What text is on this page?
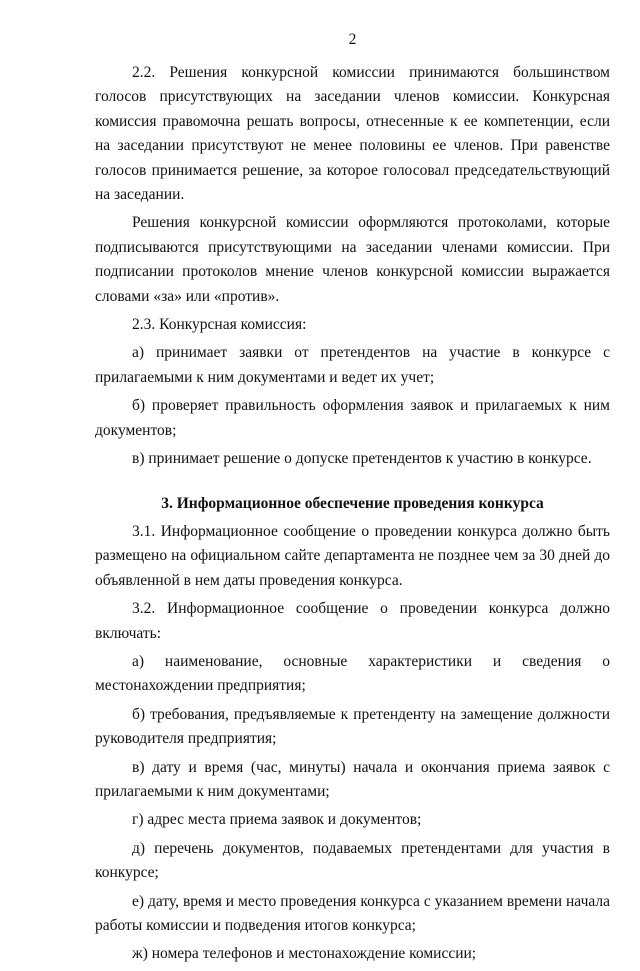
2

2.2. Решения конкурсной комиссии принимаются большинством голосов присутствующих на заседании членов комиссии. Конкурсная комиссия правомочна решать вопросы, отнесенные к ее компетенции, если на заседании присутствуют не менее половины ее членов. При равенстве голосов принимается решение, за которое голосовал председательствующий на заседании.

Решения конкурсной комиссии оформляются протоколами, которые подписываются присутствующими на заседании членами комиссии. При подписании протоколов мнение членов конкурсной комиссии выражается словами «за» или «против».

2.3. Конкурсная комиссия:

а) принимает заявки от претендентов на участие в конкурсе с прилагаемыми к ним документами и ведет их учет;

б) проверяет правильность оформления заявок и прилагаемых к ним документов;

в) принимает решение о допуске претендентов к участию в конкурсе.

3. Информационное обеспечение проведения конкурса

3.1. Информационное сообщение о проведении конкурса должно быть размещено на официальном сайте департамента не позднее чем за 30 дней до объявленной в нем даты проведения конкурса.

3.2. Информационное сообщение о проведении конкурса должно включать:

а) наименование, основные характеристики и сведения о местонахождении предприятия;

б) требования, предъявляемые к претенденту на замещение должности руководителя предприятия;

в) дату и время (час, минуты) начала и окончания приема заявок с прилагаемыми к ним документами;

г) адрес места приема заявок и документов;

д) перечень документов, подаваемых претендентами для участия в конкурсе;

е) дату, время и место проведения конкурса с указанием времени начала работы комиссии и подведения итогов конкурса;

ж) номера телефонов и местонахождение комиссии;
